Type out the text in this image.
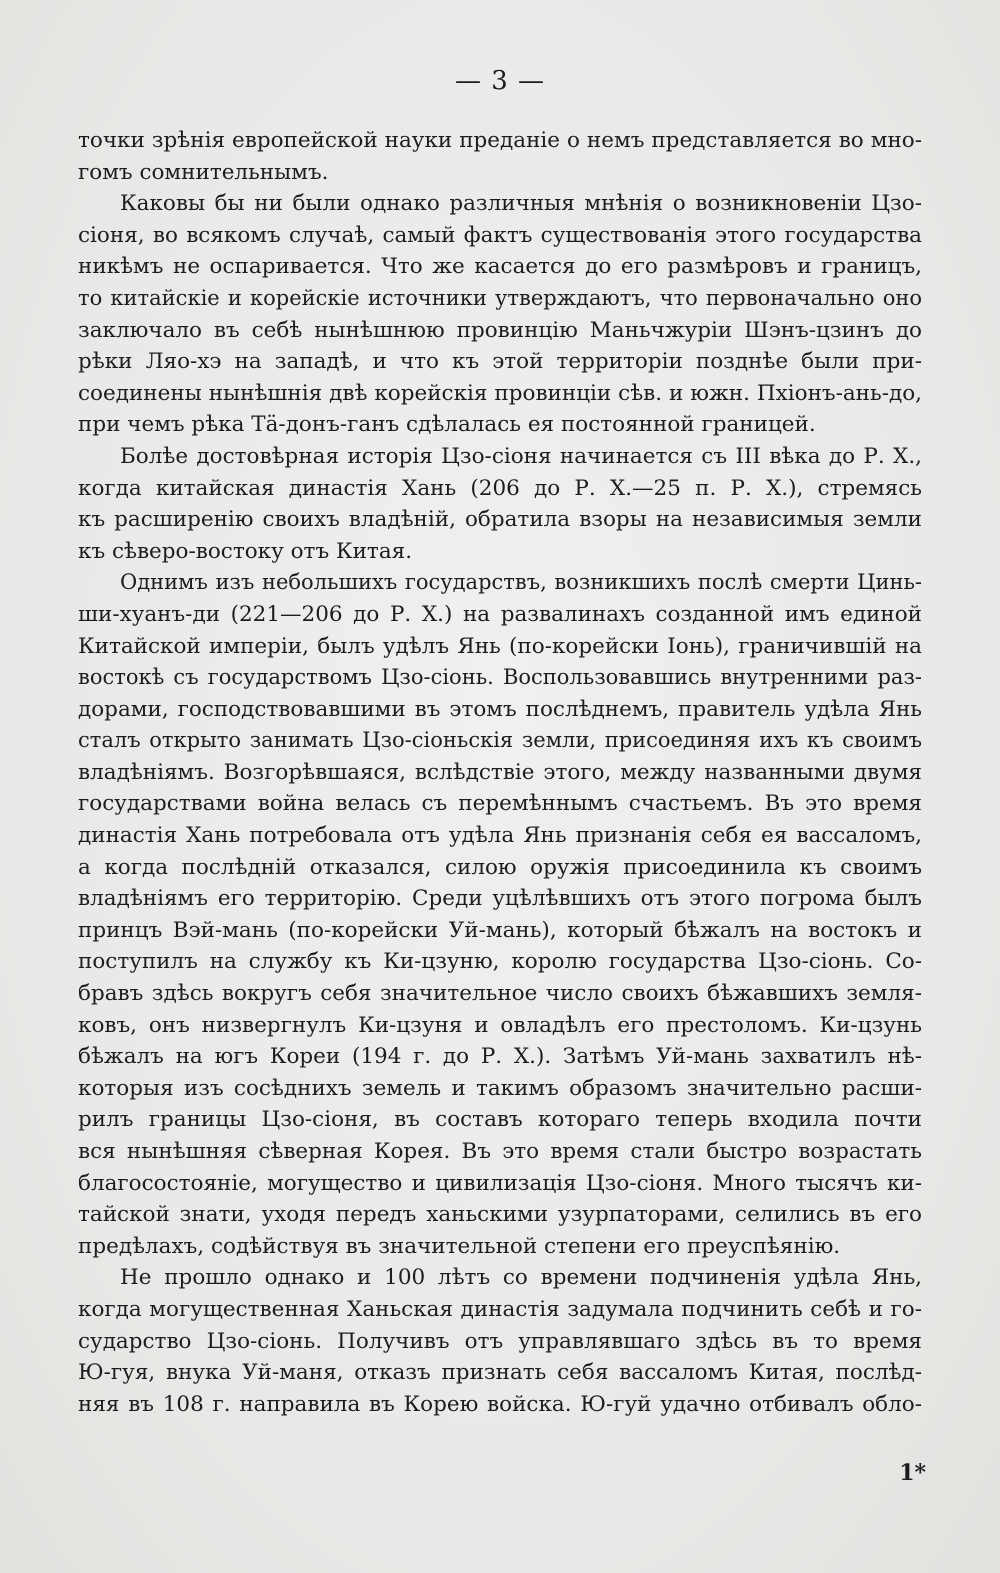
— 3 —
точки зрѣнія европейской науки преданіе о немъ представляется во мно-
гомъ сомнительнымъ.
Каковы бы ни были однако различныя мнѣнія о возникновеніи Цзо-
сіоня, во всякомъ случаѣ, самый фактъ существованія этого государства
никѣмъ не оспаривается. Что же касается до его размѣровъ и границъ,
то китайскіе и корейскіе источники утверждаютъ, что первоначально оно
заключало въ себѣ нынѣшнюю провинцію Маньчжуріи Шэнъ-цзинъ до
рѣки Ляо-хэ на западѣ, и что къ этой территоріи позднѣе были при-
соединены нынѣшнія двѣ корейскія провинціи сѣв. и южн. Пхіонъ-ань-до,
при чемъ рѣка Тӓ-донъ-ганъ сдѣлалась ея постоянной границей.
Болѣе достовѣрная исторія Цзо-сіоня начинается съ III вѣка до Р. Х.,
когда китайская династія Хань (206 до Р. Х.—25 п. Р. Х.), стремясь
къ расширенію своихъ владѣній, обратила взоры на независимыя земли
къ сѣверо-востоку отъ Китая.
Однимъ изъ небольшихъ государствъ, возникшихъ послѣ смерти Цинь-
ши-хуанъ-ди (221—206 до Р. Х.) на развалинахъ созданной имъ единой
Китайской имперіи, былъ удѣлъ Янь (по-корейски Іонь), граничившій на
востокѣ съ государствомъ Цзо-сіонь. Воспользовавшись внутренними раз-
дорами, господствовавшими въ этомъ послѣднемъ, правитель удѣла Янь
сталъ открыто занимать Цзо-сіоньскія земли, присоединяя ихъ къ своимъ
владѣніямъ. Возгорѣвшаяся, вслѣдствіе этого, между названными двумя
государствами война велась съ перемѣннымъ счастьемъ. Въ это время
династія Хань потребовала отъ удѣла Янь признанія себя ея вассаломъ,
а когда послѣдній отказался, силою оружія присоединила къ своимъ
владѣніямъ его территорію. Среди уцѣлѣвшихъ отъ этого погрома былъ
принцъ Вэй-мань (по-корейски Уй-мань), который бѣжалъ на востокъ и
поступилъ на службу къ Ки-цзуню, королю государства Цзо-сіонь. Со-
бравъ здѣсь вокругъ себя значительное число своихъ бѣжавшихъ земля-
ковъ, онъ низвергнулъ Ки-цзуня и овладѣлъ его престоломъ. Ки-цзунь
бѣжалъ на югъ Кореи (194 г. до Р. Х.). Затѣмъ Уй-мань захватилъ нѣ-
которыя изъ сосѣднихъ земель и такимъ образомъ значительно расши-
рилъ границы Цзо-сіоня, въ составъ котораго теперь входила почти
вся нынѣшняя сѣверная Корея. Въ это время стали быстро возрастать
благосостояніе, могущество и цивилизація Цзо-сіоня. Много тысячъ ки-
тайской знати, уходя передъ ханьскими узурпаторами, селились въ его
предѣлахъ, содѣйствуя въ значительной степени его преуспѣянію.
Не прошло однако и 100 лѣтъ со времени подчиненія удѣла Янь,
когда могущественная Ханьская династія задумала подчинить себѣ и го-
сударство Цзо-сіонь. Получивъ отъ управлявшаго здѣсь въ то время
Ю-гуя, внука Уй-маня, отказъ признать себя вассаломъ Китая, послѣд-
няя въ 108 г. направила въ Корею войска. Ю-гуй удачно отбивалъ обло-
1*
